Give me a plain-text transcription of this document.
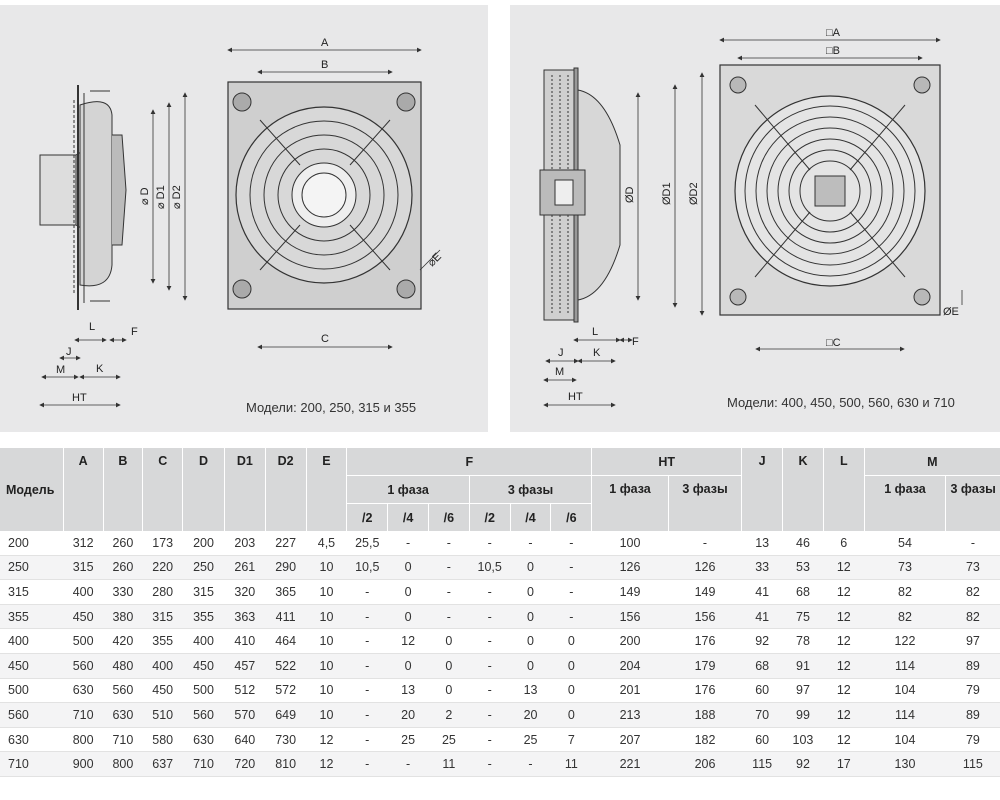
A
B
C
⌀ D ⌀ D1 ⌀ D2
⌀E
L	F
J
K
M
HT
Модели: 200, 250, 315 и 355
□A
□B
□C
ØD ØD1 ØD2
ØE
L
F
J	K
M
HT	Модели: 400, 450, 500, 560, 630 и 710
Модель	A	B	C	D	D1	D2	E	F						HT		J	K	L	M	
								1 фаза			3 фазы			1 фаза	3 фазы				1 фаза	3 фазы
								/2	/4	/6	/2	/4	/6							
200	312	260	173	200	203	227	4,5	25,5	-	-	-	-	-	100	-	13	46	6	54	-
250	315	260	220	250	261	290	10	10,5	0	-	10,5	0	-	126	126	33	53	12	73	73
315	400	330	280	315	320	365	10	-	0	-	-	0	-	149	149	41	68	12	82	82
355	450	380	315	355	363	411	10	-	0	-	-	0	-	156	156	41	75	12	82	82
400	500	420	355	400	410	464	10	-	12	0	-	0	0	200	176	92	78	12	122	97
450	560	480	400	450	457	522	10	-	0	0	-	0	0	204	179	68	91	12	114	89
500	630	560	450	500	512	572	10	-	13	0	-	13	0	201	176	60	97	12	104	79
560	710	630	510	560	570	649	10	-	20	2	-	20	0	213	188	70	99	12	114	89
630	800	710	580	630	640	730	12	-	25	25	-	25	7	207	182	60	103	12	104	79
710	900	800	637	710	720	810	12	-	-	11	-	-	11	221	206	115	92	17	130	115
